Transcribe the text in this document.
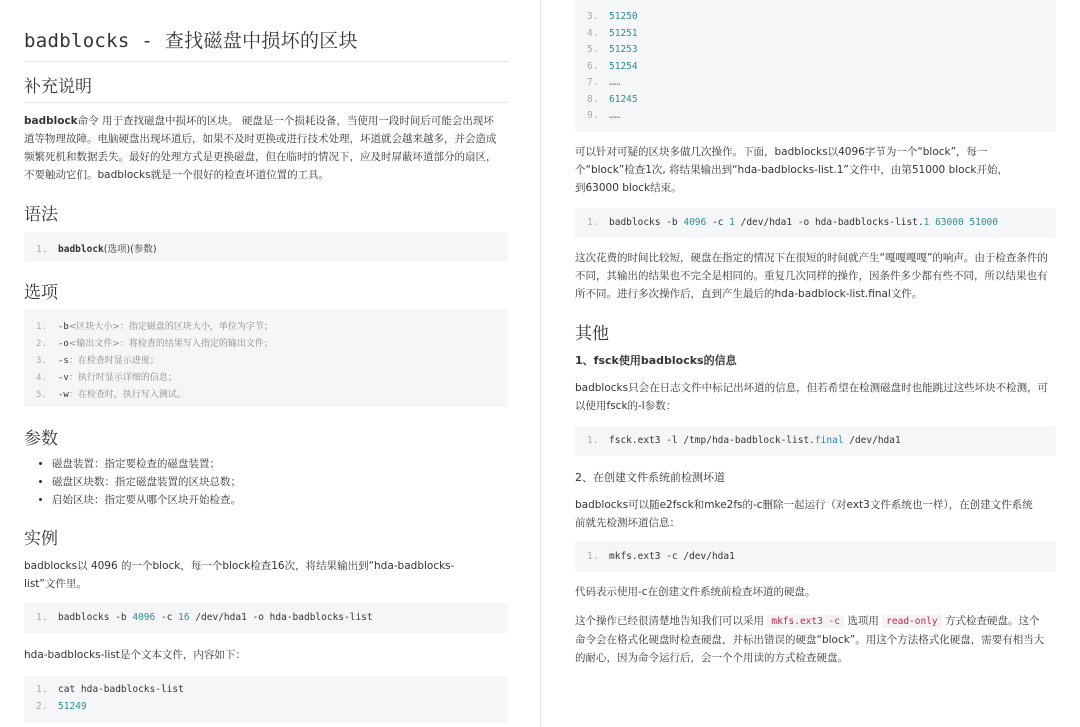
badblocks - 查找磁盘中损坏的区块
补充说明
badblock命令 用于查找磁盘中损坏的区块。 硬盘是一个损耗设备，当使用一段时间后可能会出现坏
道等物理故障。电脑硬盘出现坏道后，如果不及时更换或进行技术处理，坏道就会越来越多，并会造成
频繁死机和数据丢失。最好的处理方式是更换磁盘，但在临时的情况下，应及时屏蔽坏道部分的扇区，
不要触动它们。badblocks就是一个很好的检查坏道位置的工具。
语法
1. badblock(选项)(参数)
选项
1. -b<区块大小>：指定磁盘的区块大小，单位为字节；
2. -o<输出文件>：将检查的结果写入指定的输出文件；
3. -s：在检查时显示进度；
4. -v：执行时显示详细的信息；
5. -w：在检查时，执行写入测试。
参数
• 磁盘装置：指定要检查的磁盘装置；
• 磁盘区块数：指定磁盘装置的区块总数；
• 启始区块：指定要从哪个区块开始检查。
实例
badblocks以 4096 的一个block，每一个block检查16次，将结果输出到“hda-badblocks-
list”文件里。
1. badblocks -b 4096 -c 16 /dev/hda1 -o hda-badblocks-list
hda-badblocks-list是个文本文件，内容如下：
1. cat hda-badblocks-list
2. 51249
3. 51250
4. 51251
5. 51253
6. 51254
7. ……
8. 61245
9. ……
可以针对可疑的区块多做几次操作。下面，badblocks以4096字节为一个“block”，每一
个“block”检查1次, 将结果输出到“hda-badblocks-list.1”文件中，由第51000 block开始，
到63000 block结束。
1. badblocks -b 4096 -c 1 /dev/hda1 -o hda-badblocks-list.1 63000 51000
这次花费的时间比较短，硬盘在指定的情况下在很短的时间就产生“嘎嘎嘎嘎”的响声。由于检查条件的
不同，其输出的结果也不完全是相同的。重复几次同样的操作，因条件多少都有些不同，所以结果也有
所不同。进行多次操作后，直到产生最后的hda-badblock-list.final文件。
其他
1、fsck使用badblocks的信息
badblocks只会在日志文件中标记出坏道的信息，但若希望在检测磁盘时也能跳过这些坏块不检测，可
以使用fsck的-l参数：
1. fsck.ext3 -l /tmp/hda-badblock-list.final /dev/hda1
2、在创建文件系统前检测坏道
badblocks可以随e2fsck和mke2fs的-c删除一起运行（对ext3文件系统也一样），在创建文件系统
前就先检测坏道信息：
1. mkfs.ext3 -c /dev/hda1
代码表示使用-c在创建文件系统前检查坏道的硬盘。
这个操作已经很清楚地告知我们可以采用 mkfs.ext3 -c 选项用 read-only 方式检查硬盘。这个
命令会在格式化硬盘时检查硬盘，并标出错误的硬盘“block”。用这个方法格式化硬盘，需要有相当大
的耐心，因为命令运行后，会一个个用读的方式检查硬盘。
